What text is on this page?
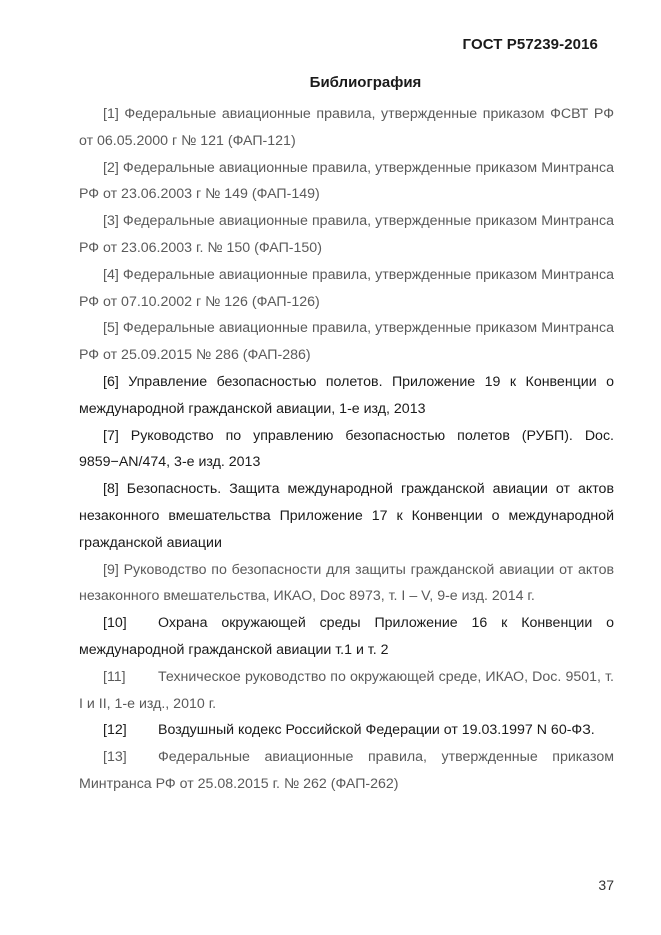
ГОСТ Р57239-2016
Библиография

[1] Федеральные авиационные правила, утвержденные приказом ФСВТ РФ от 06.05.2000 г № 121 (ФАП-121)

[2] Федеральные авиационные правила, утвержденные приказом Минтранса РФ от 23.06.2003 г № 149 (ФАП-149)

[3] Федеральные авиационные правила, утвержденные приказом Минтранса РФ от 23.06.2003 г. № 150 (ФАП-150)

[4] Федеральные авиационные правила, утвержденные приказом Минтранса РФ от 07.10.2002 г № 126 (ФАП-126)

[5] Федеральные авиационные правила, утвержденные приказом Минтранса РФ от 25.09.2015 № 286 (ФАП-286)

[6] Управление безопасностью полетов. Приложение 19 к Конвенции о международной гражданской авиации, 1-е изд, 2013

[7] Руководство по управлению безопасностью полетов (РУБП). Doc. 9859−AN/474, 3-е изд. 2013

[8] Безопасность. Защита международной гражданской авиации от актов незаконного вмешательства Приложение 17 к Конвенции о международной гражданской авиации

[9] Руководство по безопасности для защиты гражданской авиации от актов незаконного вмешательства, ИКАО, Doc 8973, т. I – V, 9-е изд. 2014 г.

[10] Охрана окружающей среды Приложение 16 к Конвенции о международной гражданской авиации т.1 и т. 2

[11] Техническое руководство по окружающей среде, ИКАО, Doc. 9501, т. I и II, 1-е изд., 2010 г.

[12] Воздушный кодекс Российской Федерации от 19.03.1997 N 60-ФЗ.

[13] Федеральные авиационные правила, утвержденные приказом Минтранса РФ от 25.08.2015 г. № 262 (ФАП-262)

37
